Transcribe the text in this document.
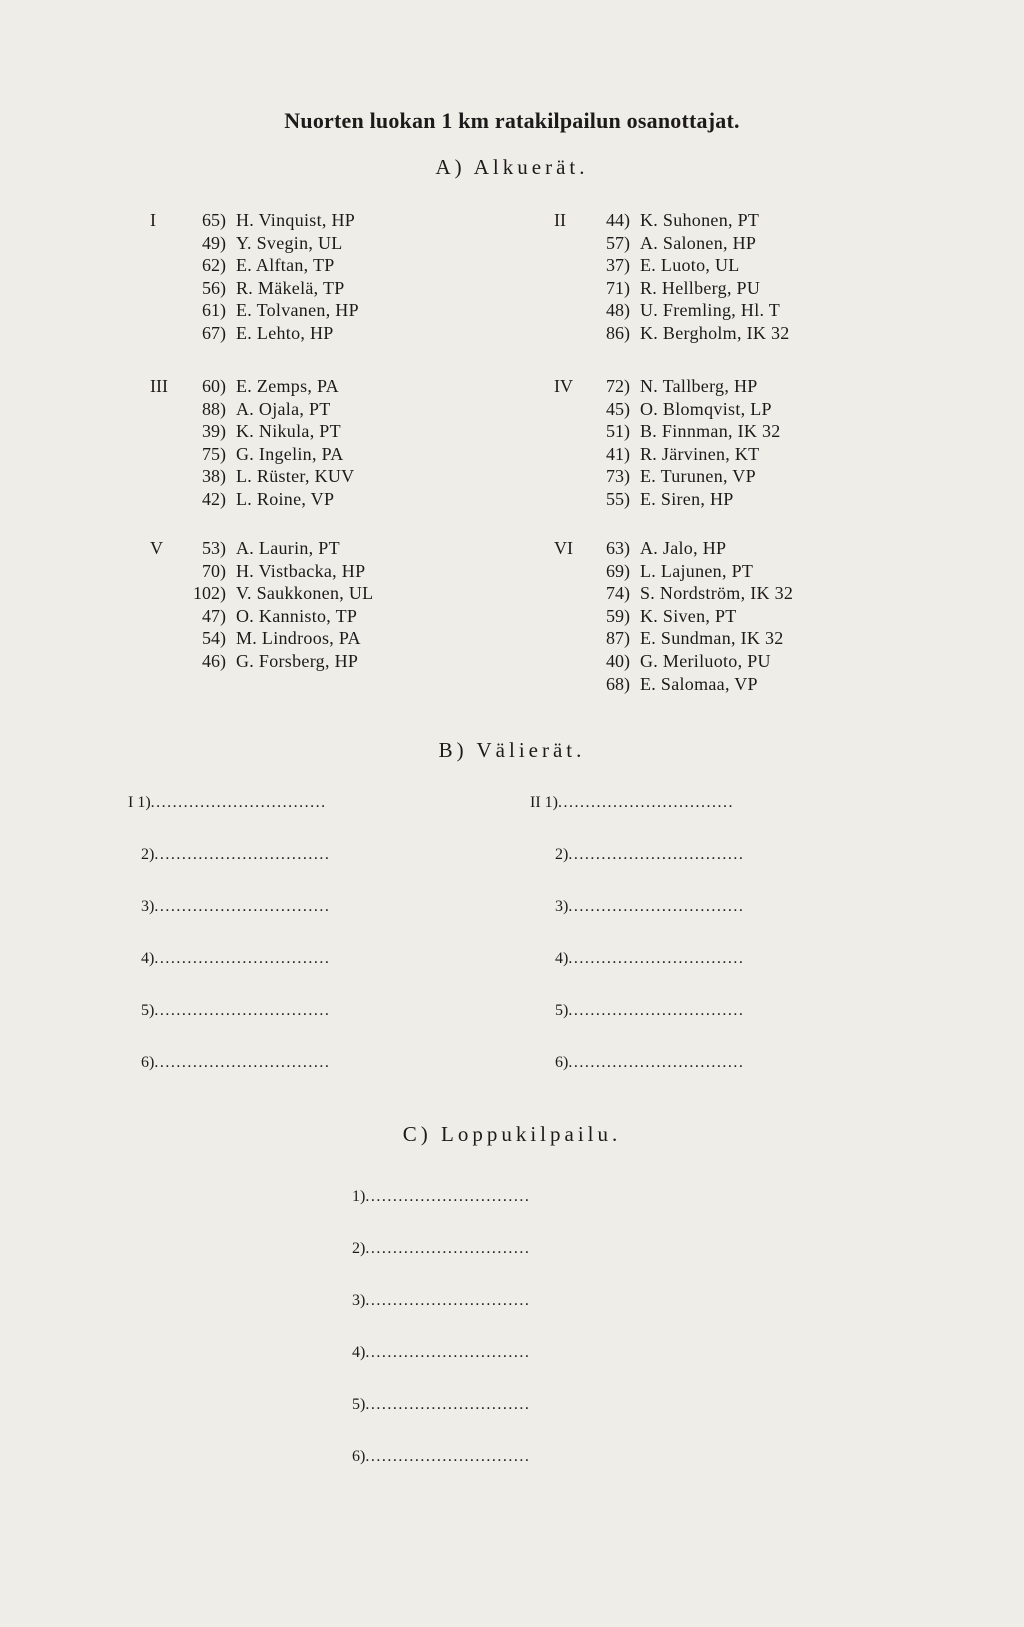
Nuorten luokan 1 km ratakilpailun osanottajat.
A) Alkuerät.
I	65) H. Vinquist, HP
49) Y. Svegin, UL
62) E. Alftan, TP
56) R. Mäkelä, TP
61) E. Tolvanen, HP
67) E. Lehto, HP
II	44) K. Suhonen, PT
57) A. Salonen, HP
37) E. Luoto, UL
71) R. Hellberg, PU
48) U. Fremling, Hl. T
86) K. Bergholm, IK 32
III	60) E. Zemps, PA
88) A. Ojala, PT
39) K. Nikula, PT
75) G. Ingelin, PA
38) L. Rüster, KUV
42) L. Roine, VP
IV	72) N. Tallberg, HP
45) O. Blomqvist, LP
51) B. Finnman, IK 32
41) R. Järvinen, KT
73) E. Turunen, VP
55) E. Siren, HP
V	53) A. Laurin, PT
70) H. Vistbacka, HP
102) V. Saukkonen, UL
47) O. Kannisto, TP
54) M. Lindroos, PA
46) G. Forsberg, HP
VI	63) A. Jalo, HP
69) L. Lajunen, PT
74) S. Nordström, IK 32
59) K. Siven, PT
87) E. Sundman, IK 32
40) G. Meriluoto, PU
68) E. Salomaa, VP
B) Välierät.
I 1) ................................
2) ................................
3) ................................
4) ................................
5) ................................
6) ................................
II 1) ................................
2) ................................
3) ................................
4) ................................
5) ................................
6) ................................
C) Loppukilpailu.
1) ..............................
2) ..............................
3) ..............................
4) ..............................
5) ..............................
6) ..............................
